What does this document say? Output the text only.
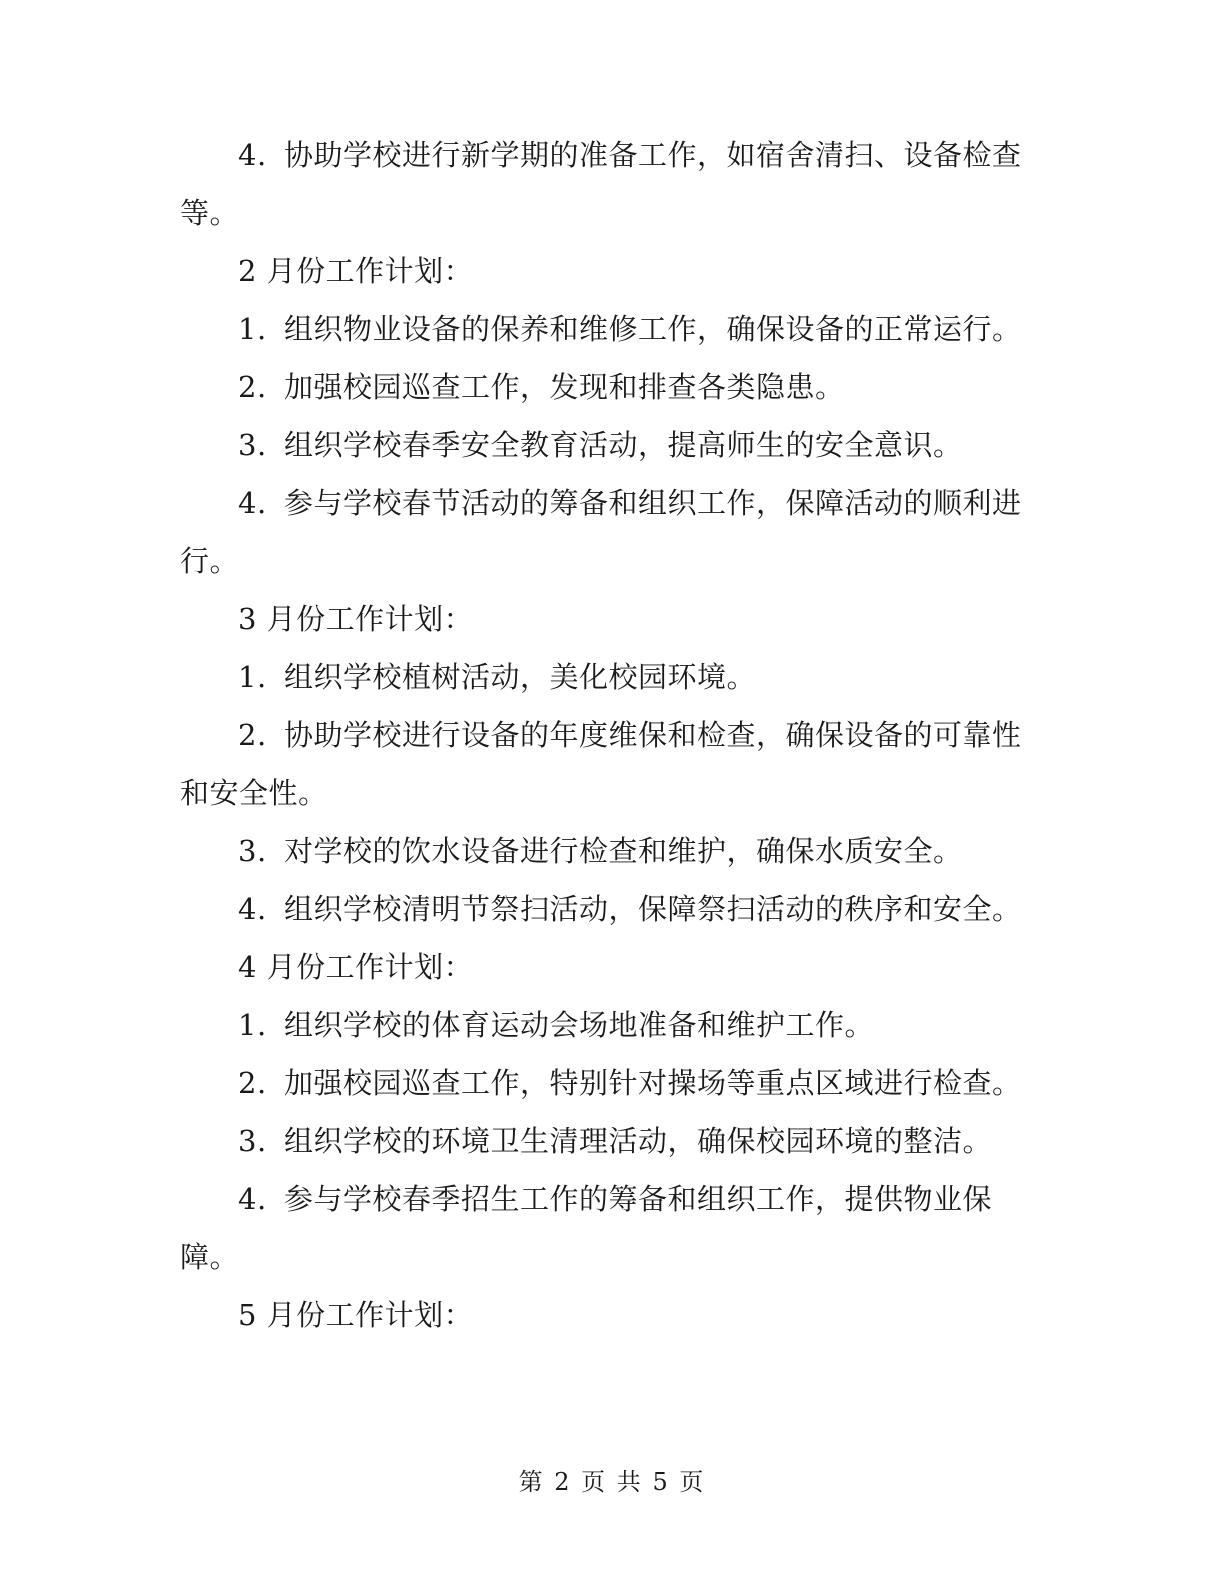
4. 协助学校进行新学期的准备工作，如宿舍清扫、设备检查等。

2 月份工作计划：

1. 组织物业设备的保养和维修工作，确保设备的正常运行。

2. 加强校园巡查工作，发现和排查各类隐患。

3. 组织学校春季安全教育活动，提高师生的安全意识。

4. 参与学校春节活动的筹备和组织工作，保障活动的顺利进行。

3 月份工作计划：

1. 组织学校植树活动，美化校园环境。

2. 协助学校进行设备的年度维保和检查，确保设备的可靠性和安全性。

3. 对学校的饮水设备进行检查和维护，确保水质安全。

4. 组织学校清明节祭扫活动，保障祭扫活动的秩序和安全。

4 月份工作计划：

1. 组织学校的体育运动会场地准备和维护工作。

2. 加强校园巡查工作，特别针对操场等重点区域进行检查。

3. 组织学校的环境卫生清理活动，确保校园环境的整洁。

4. 参与学校春季招生工作的筹备和组织工作，提供物业保障。

5 月份工作计划：

第 2 页 共 5 页
